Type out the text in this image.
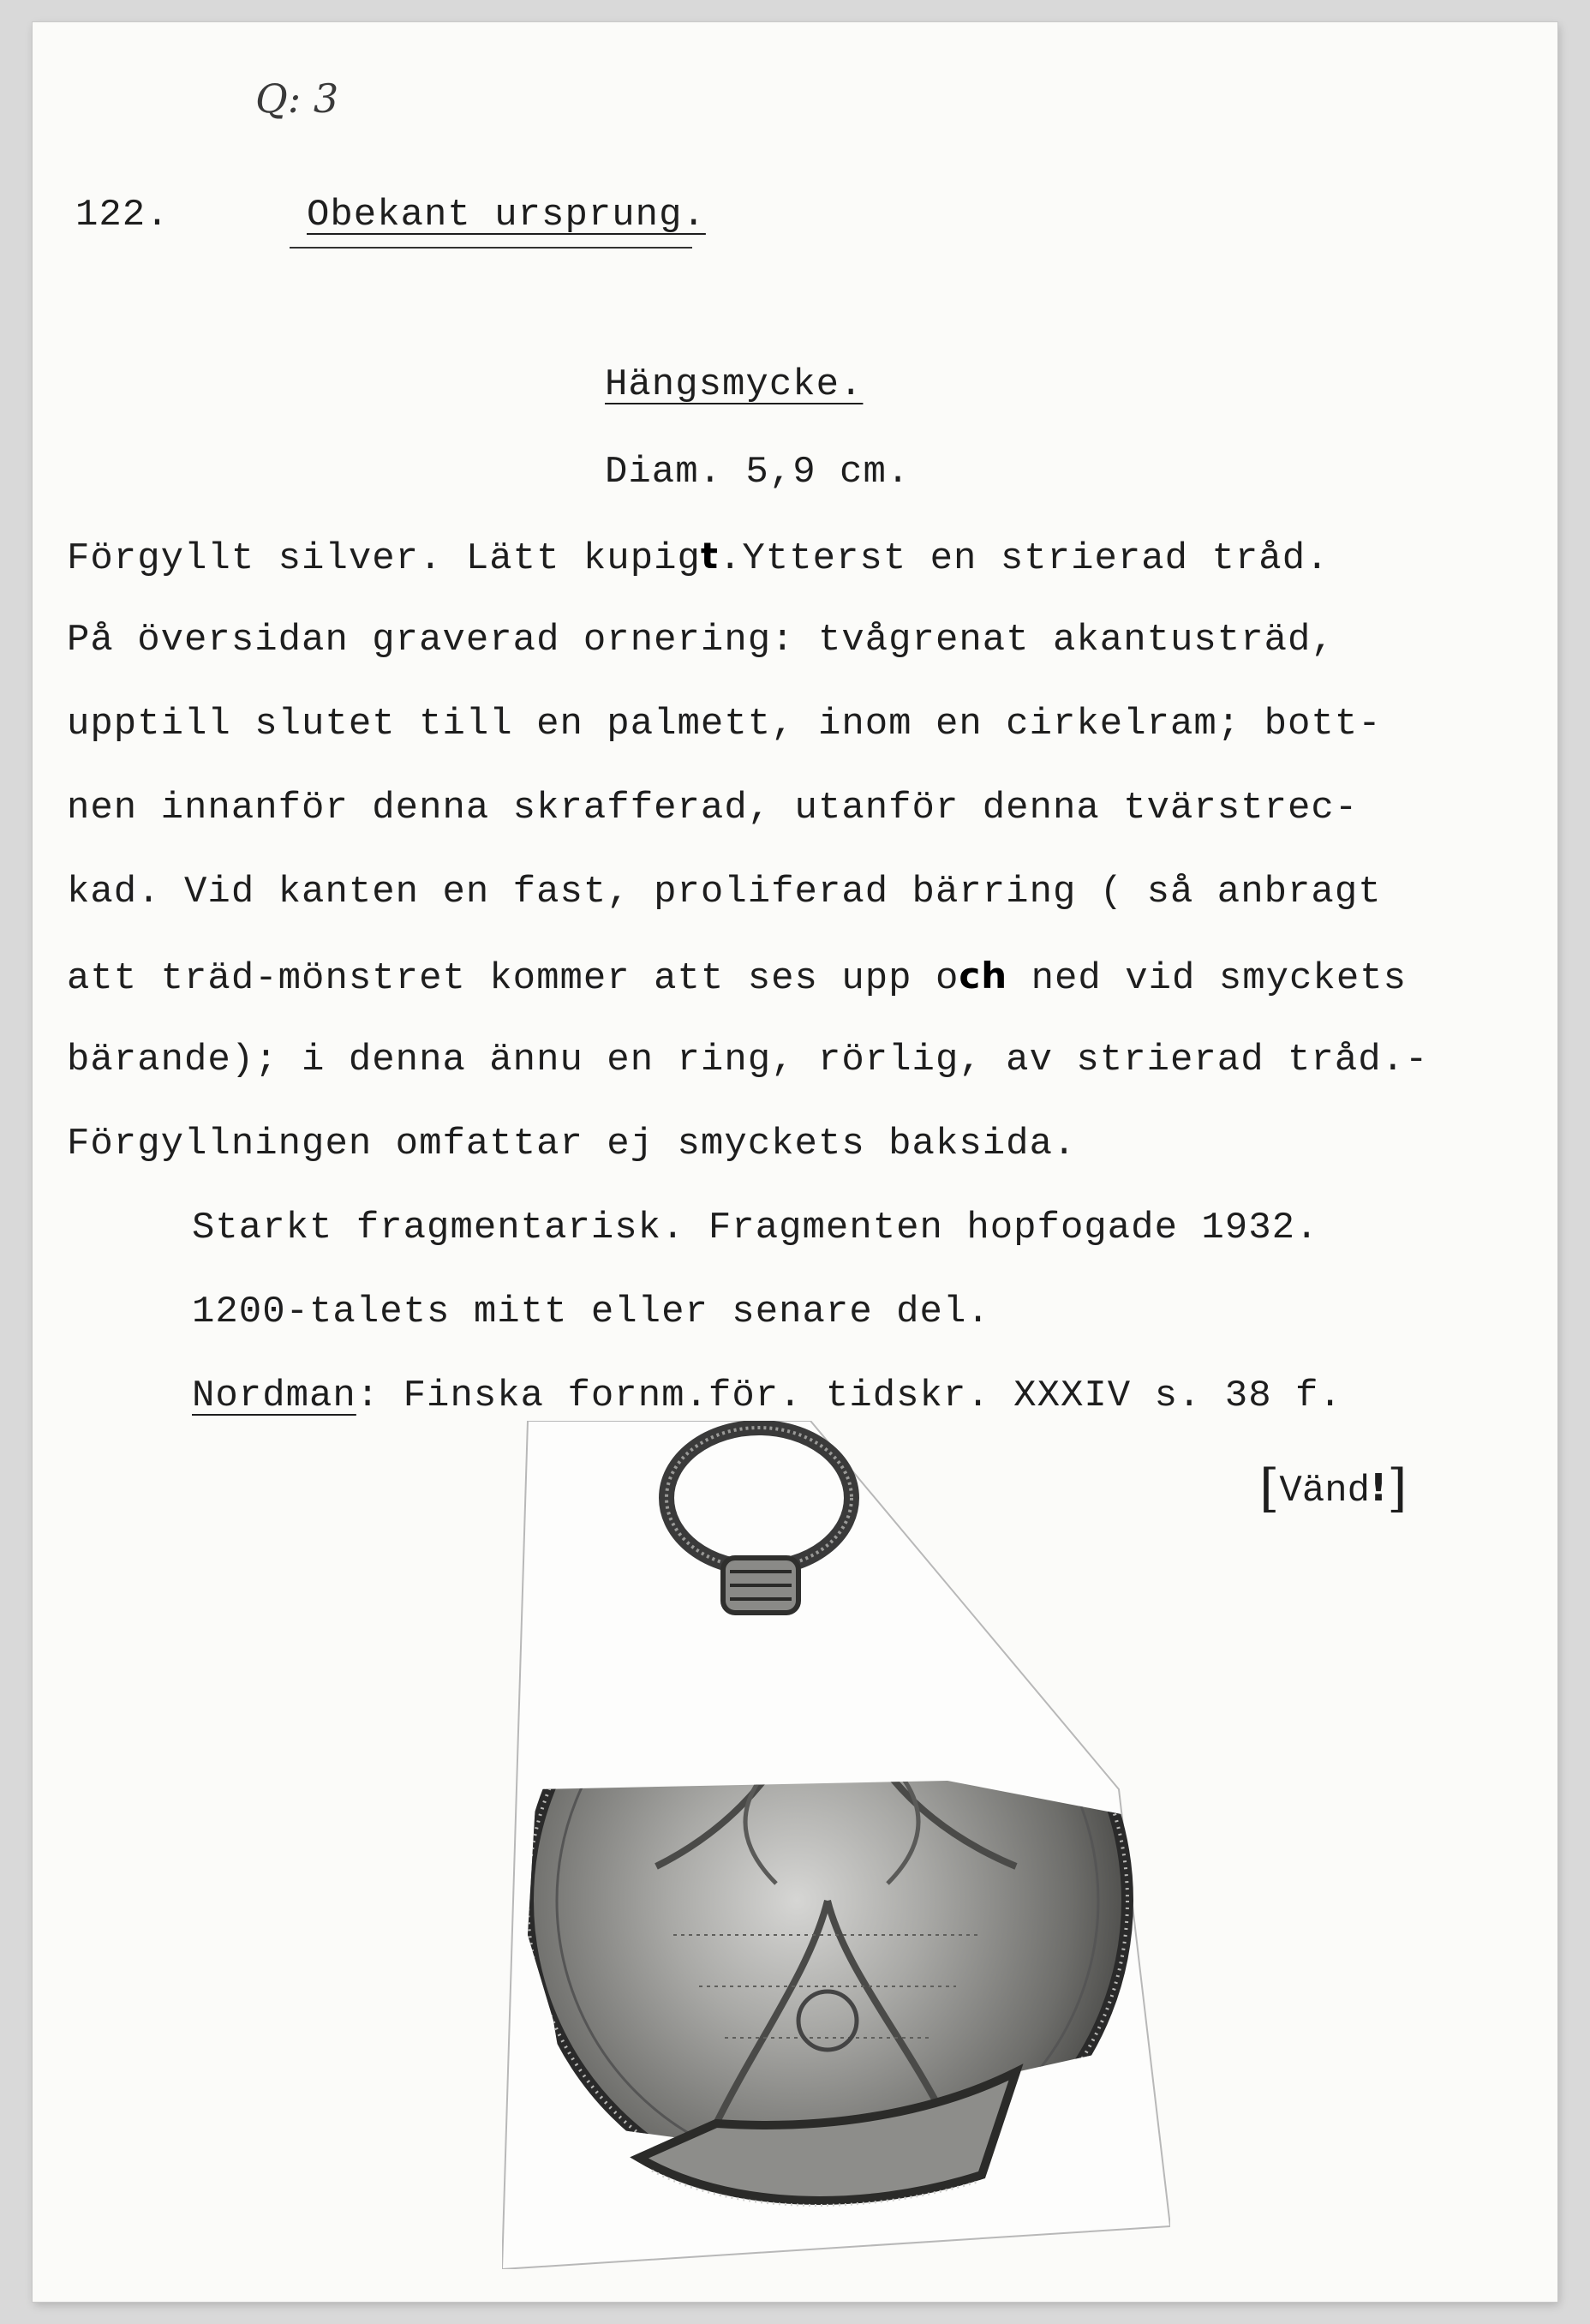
Q: 3
122.	Obekant ursprung.
Hängsmycke.
Diam. 5,9 cm.
Förgyllt silver. Lätt kupigt.Ytterst en strierad tråd.
På översidan graverad ornering: tvågrenat akantusträd,
upptill slutet till en palmett, inom en cirkelram; bott-
nen innanför denna skrafferad, utanför denna tvärstrec-
kad. Vid kanten en fast, proliferad bärring ( så anbragt
att träd-mönstret kommer att ses upp och ned vid smyckets
bärande); i denna ännu en ring, rörlig, av strierad tråd.-
Förgyllningen omfattar ej smyckets baksida.
Starkt fragmentarisk. Fragmenten hopfogade 1932.
1200-talets mitt eller senare del.
Nordman: Finska fornm.för. tidskr. XXXIV s. 38 f.
[Vänd!]
